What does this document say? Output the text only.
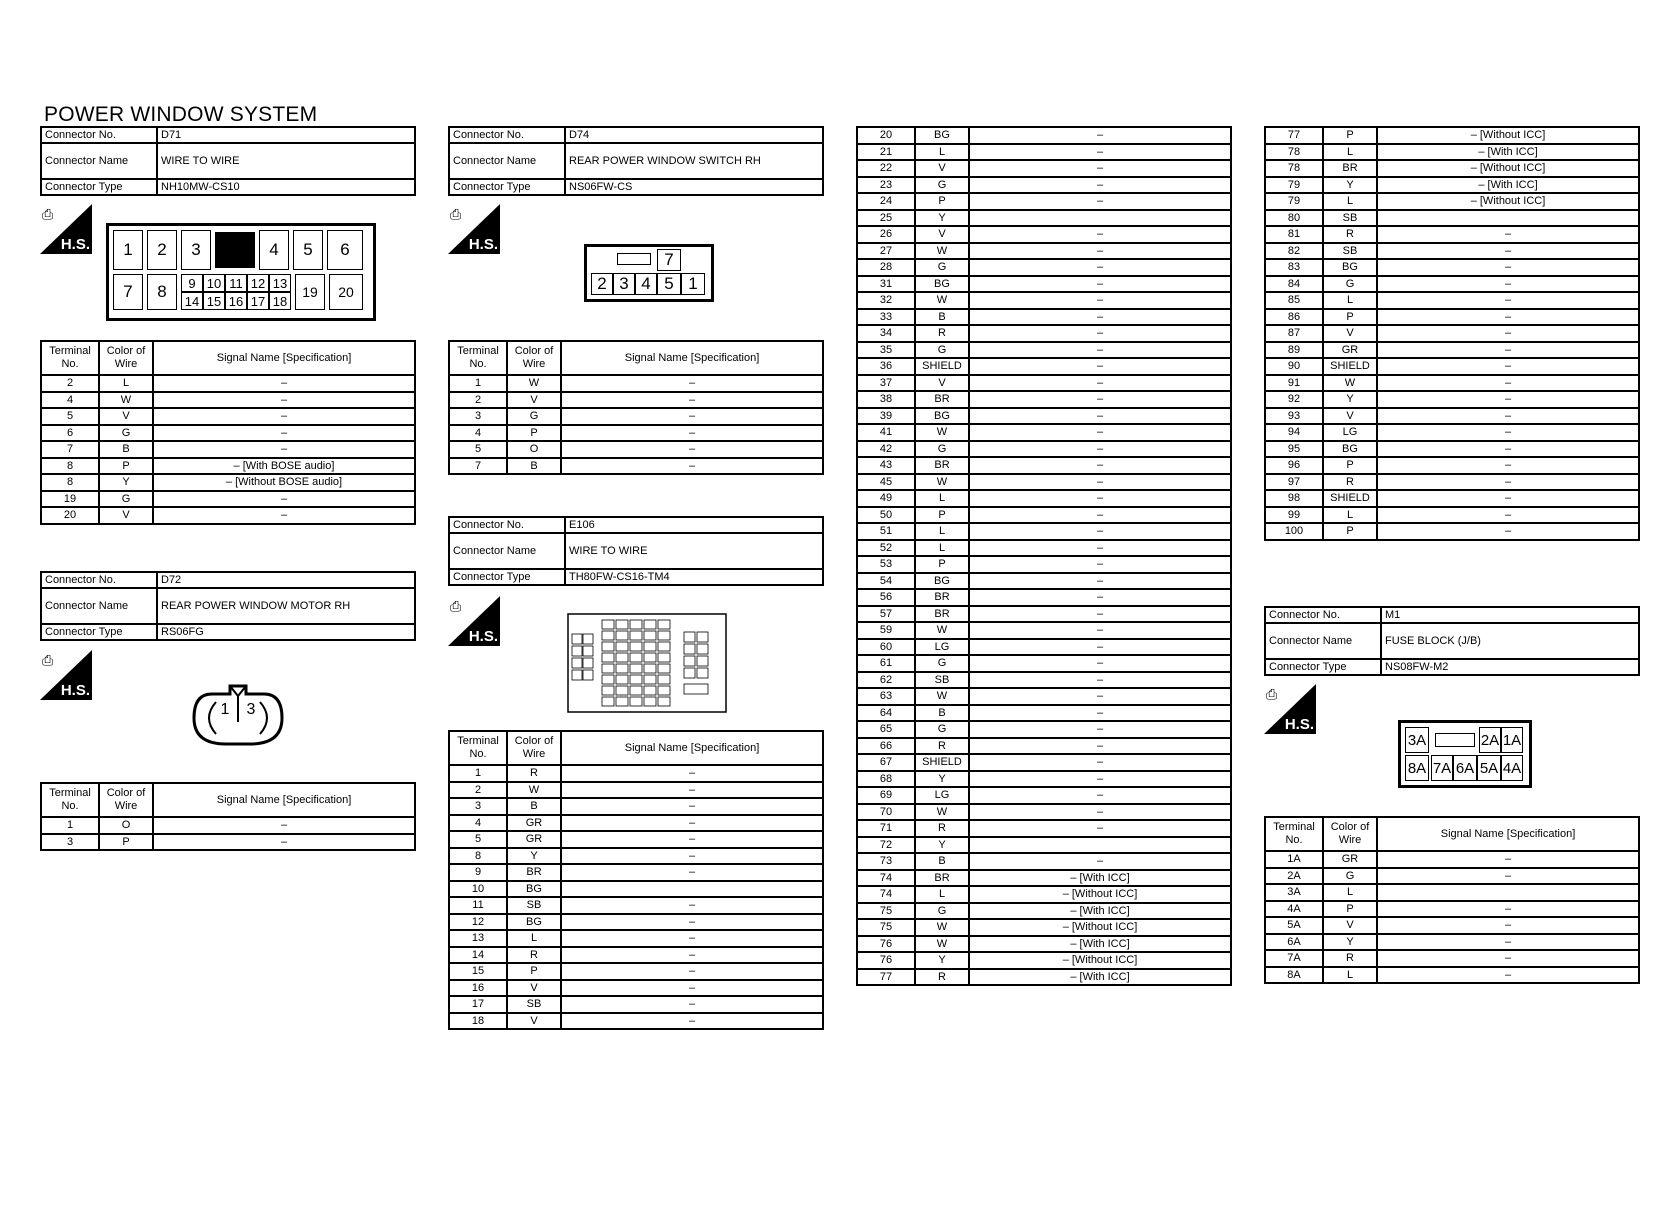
POWER WINDOW SYSTEM
Connector No.	D71
Connector Name	WIRE TO WIRE
Connector Type	NH10MW-CS10
⎙
H.S.	1	2	3	4	5	6
7	8	9 10 11 12 13
14 15 16 17 18
19	20
Terminal No.	Color of Wire	Signal Name [Specification]
2	L	–
4	W	–
5	V	–
6	G	–
7	B	–
8	P	– [With BOSE audio]
8	Y	– [Without BOSE audio]
19	G	–
20	V	–
Connector No.	D72
Connector Name	REAR POWER WINDOW MOTOR RH
Connector Type	RS06FG
⎙
H.S.
1 3
Terminal No.	Color of Wire	Signal Name [Specification]
1	O	–
3	P	–
Connector No.	D74
Connector Name	REAR POWER WINDOW SWITCH RH
Connector Type	NS06FW-CS
⎙
H.S.
7
2 3 4 5 1
Terminal No.	Color of Wire	Signal Name [Specification]
1	W	–
2	V	–
3	G	–
4	P	–
5	O	–
7	B	–
Connector No.	E106
Connector Name	WIRE TO WIRE
Connector Type	TH80FW-CS16-TM4
⎙
H.S.
Terminal No.	Color of Wire	Signal Name [Specification]
1	R	–
2	W	–
3	B	–
4	GR	–
5	GR	–
8	Y	–
9	BR	–
10	BG	
11	SB	–
12	BG	–
13	L	–
14	R	–
15	P	–
16	V	–
17	SB	–
18	V	–
20	BG	–
21	L	–
22	V	–
23	G	–
24	P	–
25	Y	
26	V	–
27	W	–
28	G	–
31	BG	–
32	W	–
33	B	–
34	R	–
35	G	–
36	SHIELD	–
37	V	–
38	BR	–
39	BG	–
41	W	–
42	G	–
43	BR	–
45	W	–
49	L	–
50	P	–
51	L	–
52	L	–
53	P	–
54	BG	–
56	BR	–
57	BR	–
59	W	–
60	LG	–
61	G	–
62	SB	–
63	W	–
64	B	–
65	G	–
66	R	–
67	SHIELD	–
68	Y	–
69	LG	–
70	W	–
71	R	–
72	Y	
73	B	–
74	BR	– [With ICC]
74	L	– [Without ICC]
75	G	– [With ICC]
75	W	– [Without ICC]
76	W	– [With ICC]
76	Y	– [Without ICC]
77	R	– [With ICC]
77	P	– [Without ICC]
78	L	– [With ICC]
78	BR	– [Without ICC]
79	Y	– [With ICC]
79	L	– [Without ICC]
80	SB	
81	R	–
82	SB	–
83	BG	–
84	G	–
85	L	–
86	P	–
87	V	–
89	GR	–
90	SHIELD	–
91	W	–
92	Y	–
93	V	–
94	LG	–
95	BG	–
96	P	–
97	R	–
98	SHIELD	–
99	L	–
100	P	–
Connector No.	M1
Connector Name	FUSE BLOCK (J/B)
Connector Type	NS08FW-M2
⎙
H.S.
3A	2A 1A
8A 7A 6A 5A 4A
Terminal No.	Color of Wire	Signal Name [Specification]
1A	GR	–
2A	G	–
3A	L	
4A	P	–
5A	V	–
6A	Y	–
7A	R	–
8A	L	–
